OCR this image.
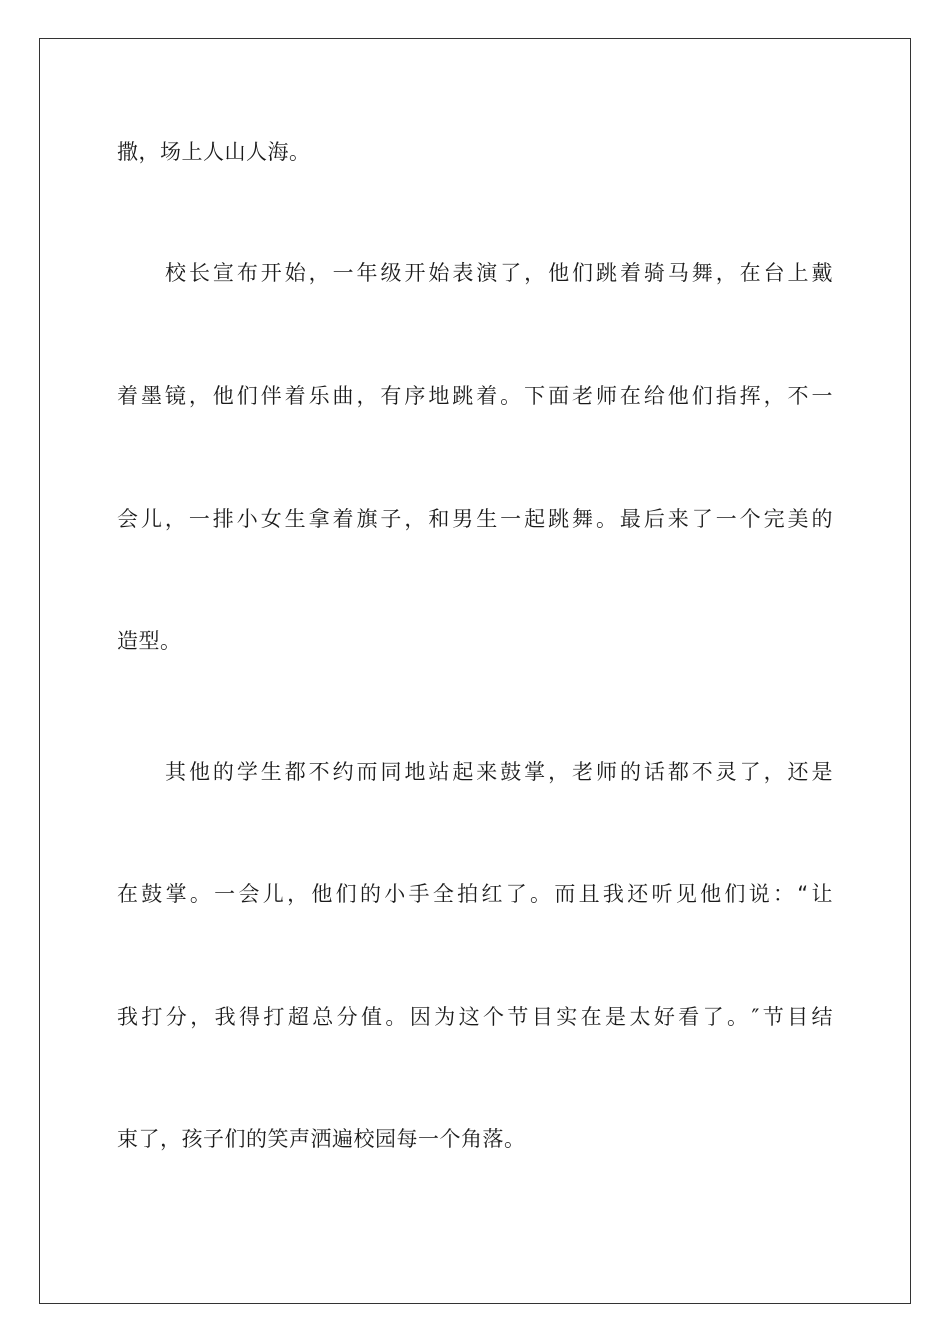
撒，场上人山人海。
校长宣布开始，一年级开始表演了，他们跳着骑马舞，在台上戴
着墨镜，他们伴着乐曲，有序地跳着。下面老师在给他们指挥，不一
会儿，一排小女生拿着旗子，和男生一起跳舞。最后来了一个完美的
造型。
其他的学生都不约而同地站起来鼓掌，老师的话都不灵了，还是
在鼓掌。一会儿，他们的小手全拍红了。而且我还听见他们说：“让
我打分，我得打超总分值。因为这个节目实在是太好看了。″节目结
束了，孩子们的笑声洒遍校园每一个角落。
